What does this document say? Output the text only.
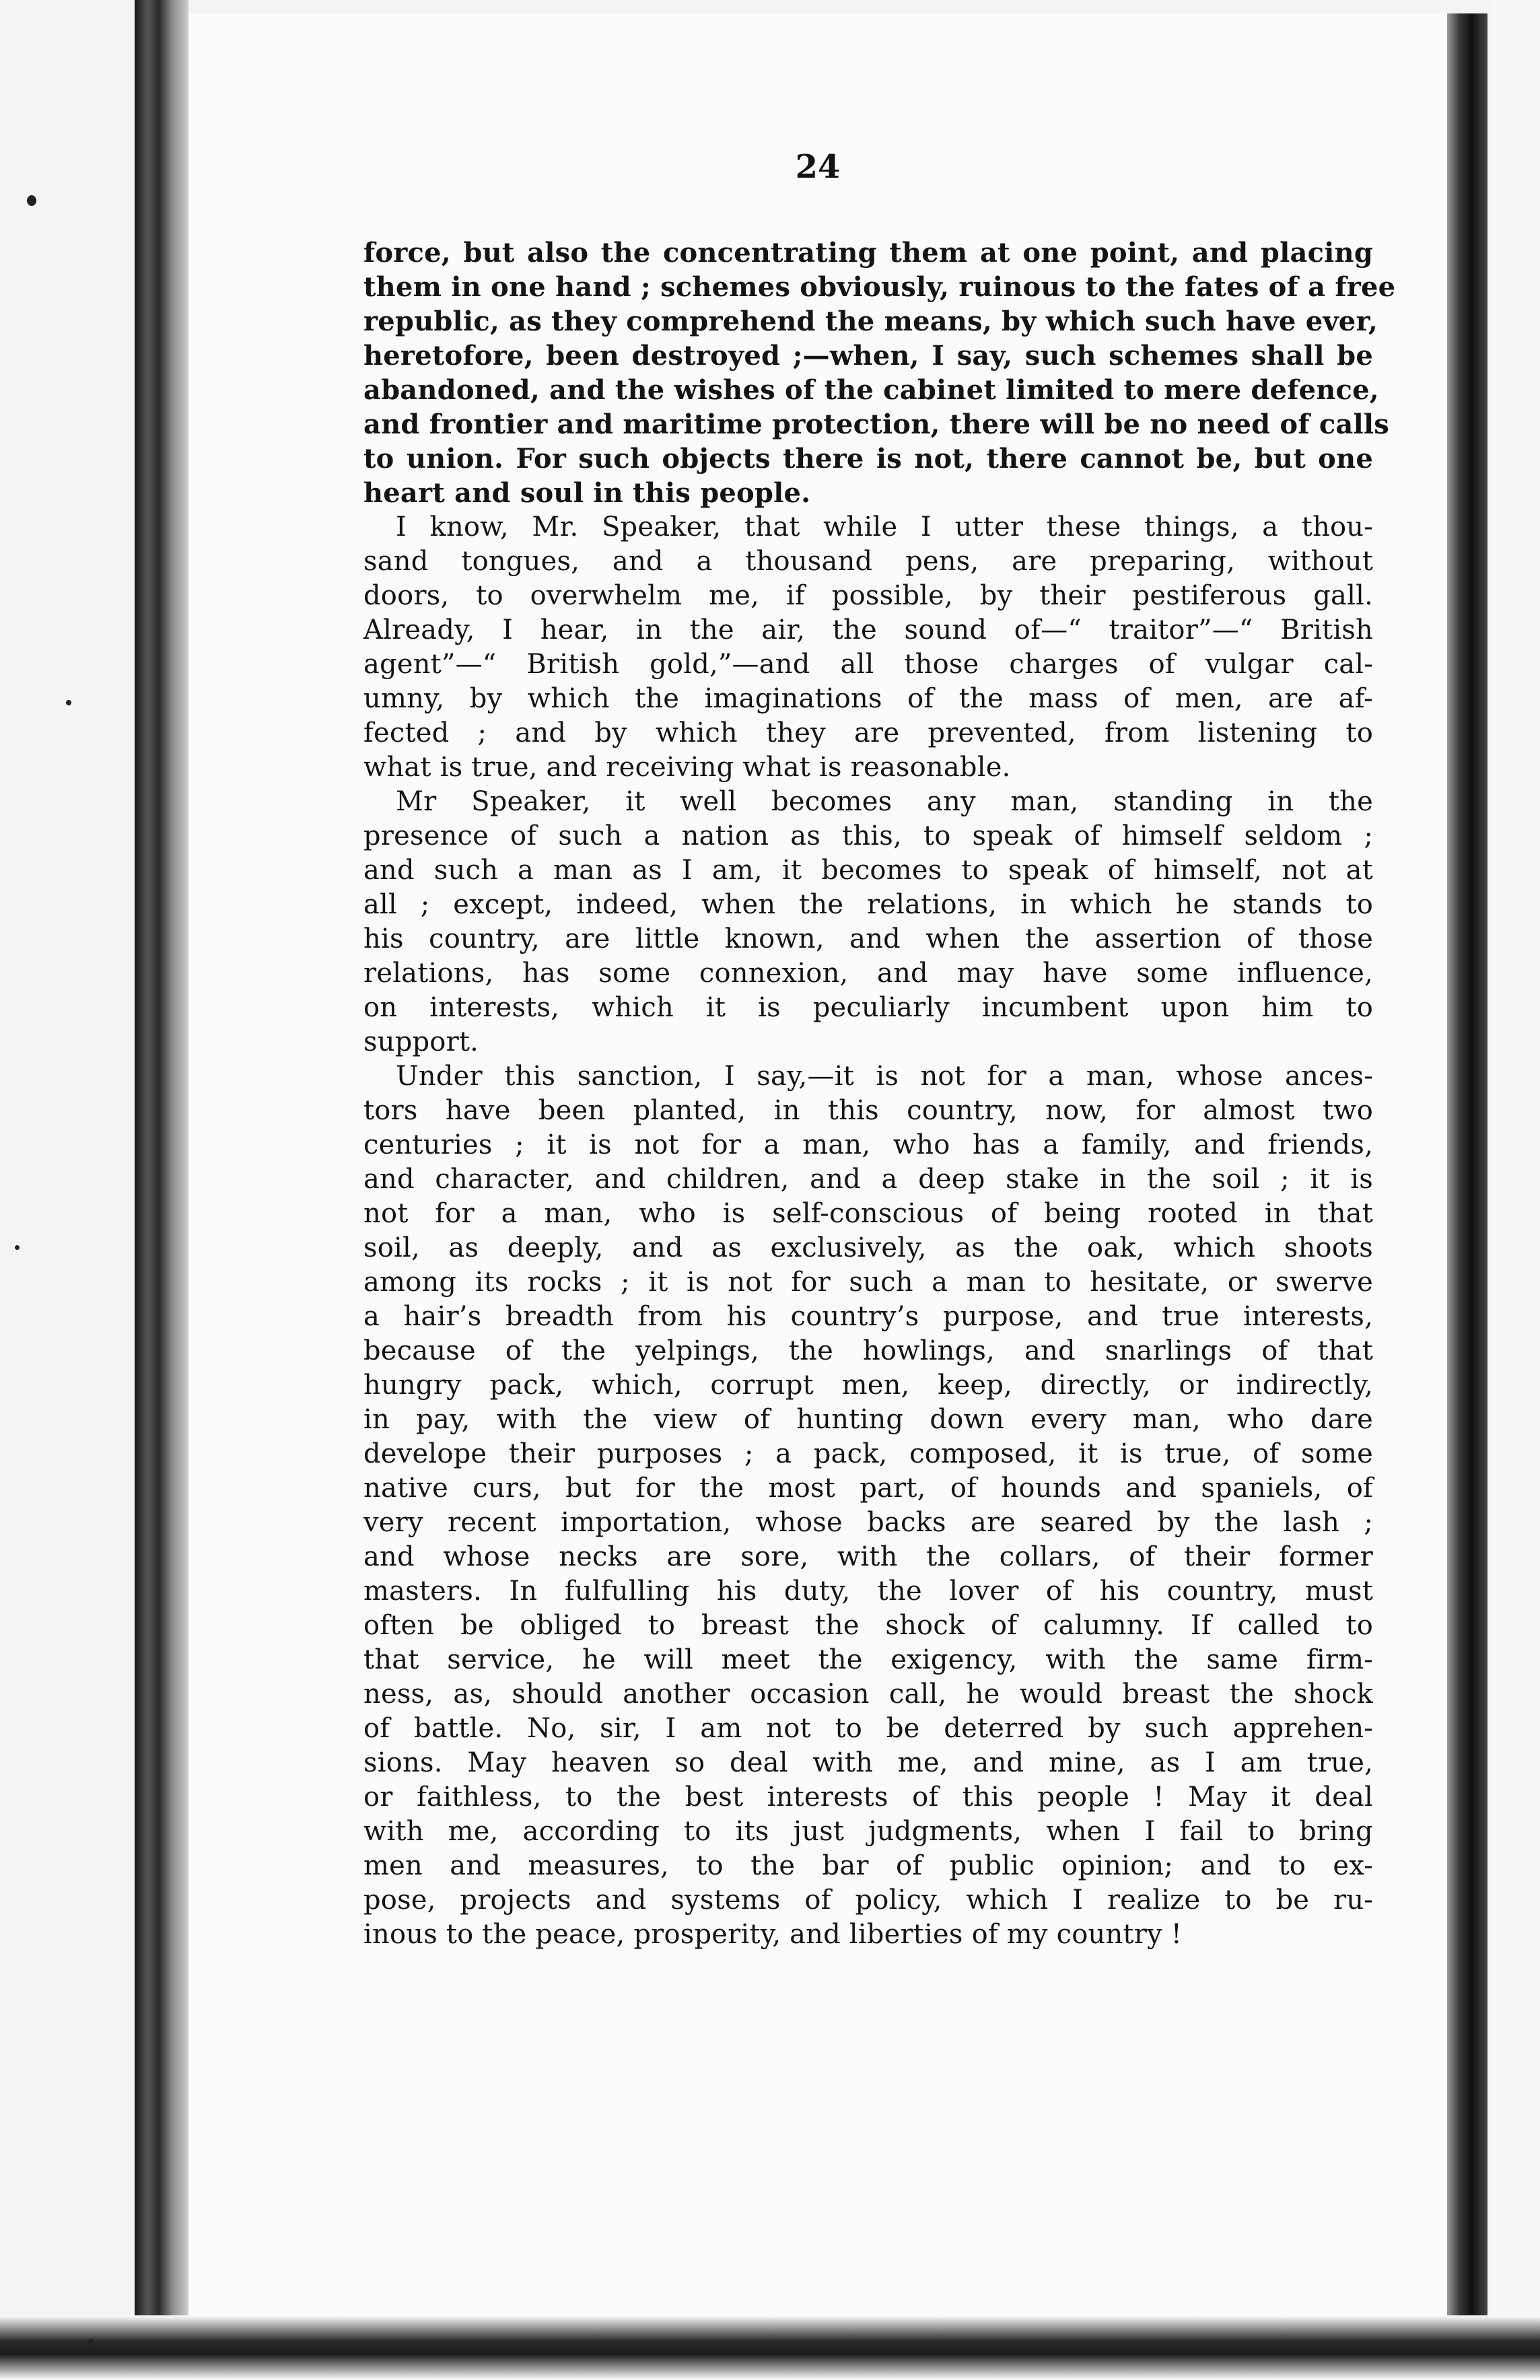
24
force, but also the concentrating them at one point, and placing
them in one hand ; schemes obviously, ruinous to the fates of a free
republic, as they comprehend the means, by which such have ever,
heretofore, been destroyed ;—when, I say, such schemes shall be
abandoned, and the wishes of the cabinet limited to mere defence,
and frontier and maritime protection, there will be no need of calls
to union. For such objects there is not, there cannot be, but one
heart and soul in this people.
I know, Mr. Speaker, that while I utter these things, a thou-
sand tongues, and a thousand pens, are preparing, without
doors, to overwhelm me, if possible, by their pestiferous gall.
Already, I hear, in the air, the sound of—“ traitor”—“ British
agent”—“ British gold,”—and all those charges of vulgar cal-
umny, by which the imaginations of the mass of men, are af-
fected ; and by which they are prevented, from listening to
what is true, and receiving what is reasonable.
Mr Speaker, it well becomes any man, standing in the
presence of such a nation as this, to speak of himself seldom ;
and such a man as I am, it becomes to speak of himself, not at
all ; except, indeed, when the relations, in which he stands to
his country, are little known, and when the assertion of those
relations, has some connexion, and may have some influence,
on interests, which it is peculiarly incumbent upon him to
support.
Under this sanction, I say,—it is not for a man, whose ances-
tors have been planted, in this country, now, for almost two
centuries ; it is not for a man, who has a family, and friends,
and character, and children, and a deep stake in the soil ; it is
not for a man, who is self-conscious of being rooted in that
soil, as deeply, and as exclusively, as the oak, which shoots
among its rocks ; it is not for such a man to hesitate, or swerve
a hair’s breadth from his country’s purpose, and true interests,
because of the yelpings, the howlings, and snarlings of that
hungry pack, which, corrupt men, keep, directly, or indirectly,
in pay, with the view of hunting down every man, who dare
develope their purposes ; a pack, composed, it is true, of some
native curs, but for the most part, of hounds and spaniels, of
very recent importation, whose backs are seared by the lash ;
and whose necks are sore, with the collars, of their former
masters. In fulfulling his duty, the lover of his country, must
often be obliged to breast the shock of calumny. If called to
that service, he will meet the exigency, with the same firm-
ness, as, should another occasion call, he would breast the shock
of battle. No, sir, I am not to be deterred by such apprehen-
sions. May heaven so deal with me, and mine, as I am true,
or faithless, to the best interests of this people ! May it deal
with me, according to its just judgments, when I fail to bring
men and measures, to the bar of public opinion; and to ex-
pose, projects and systems of policy, which I realize to be ru-
inous to the peace, prosperity, and liberties of my country !
